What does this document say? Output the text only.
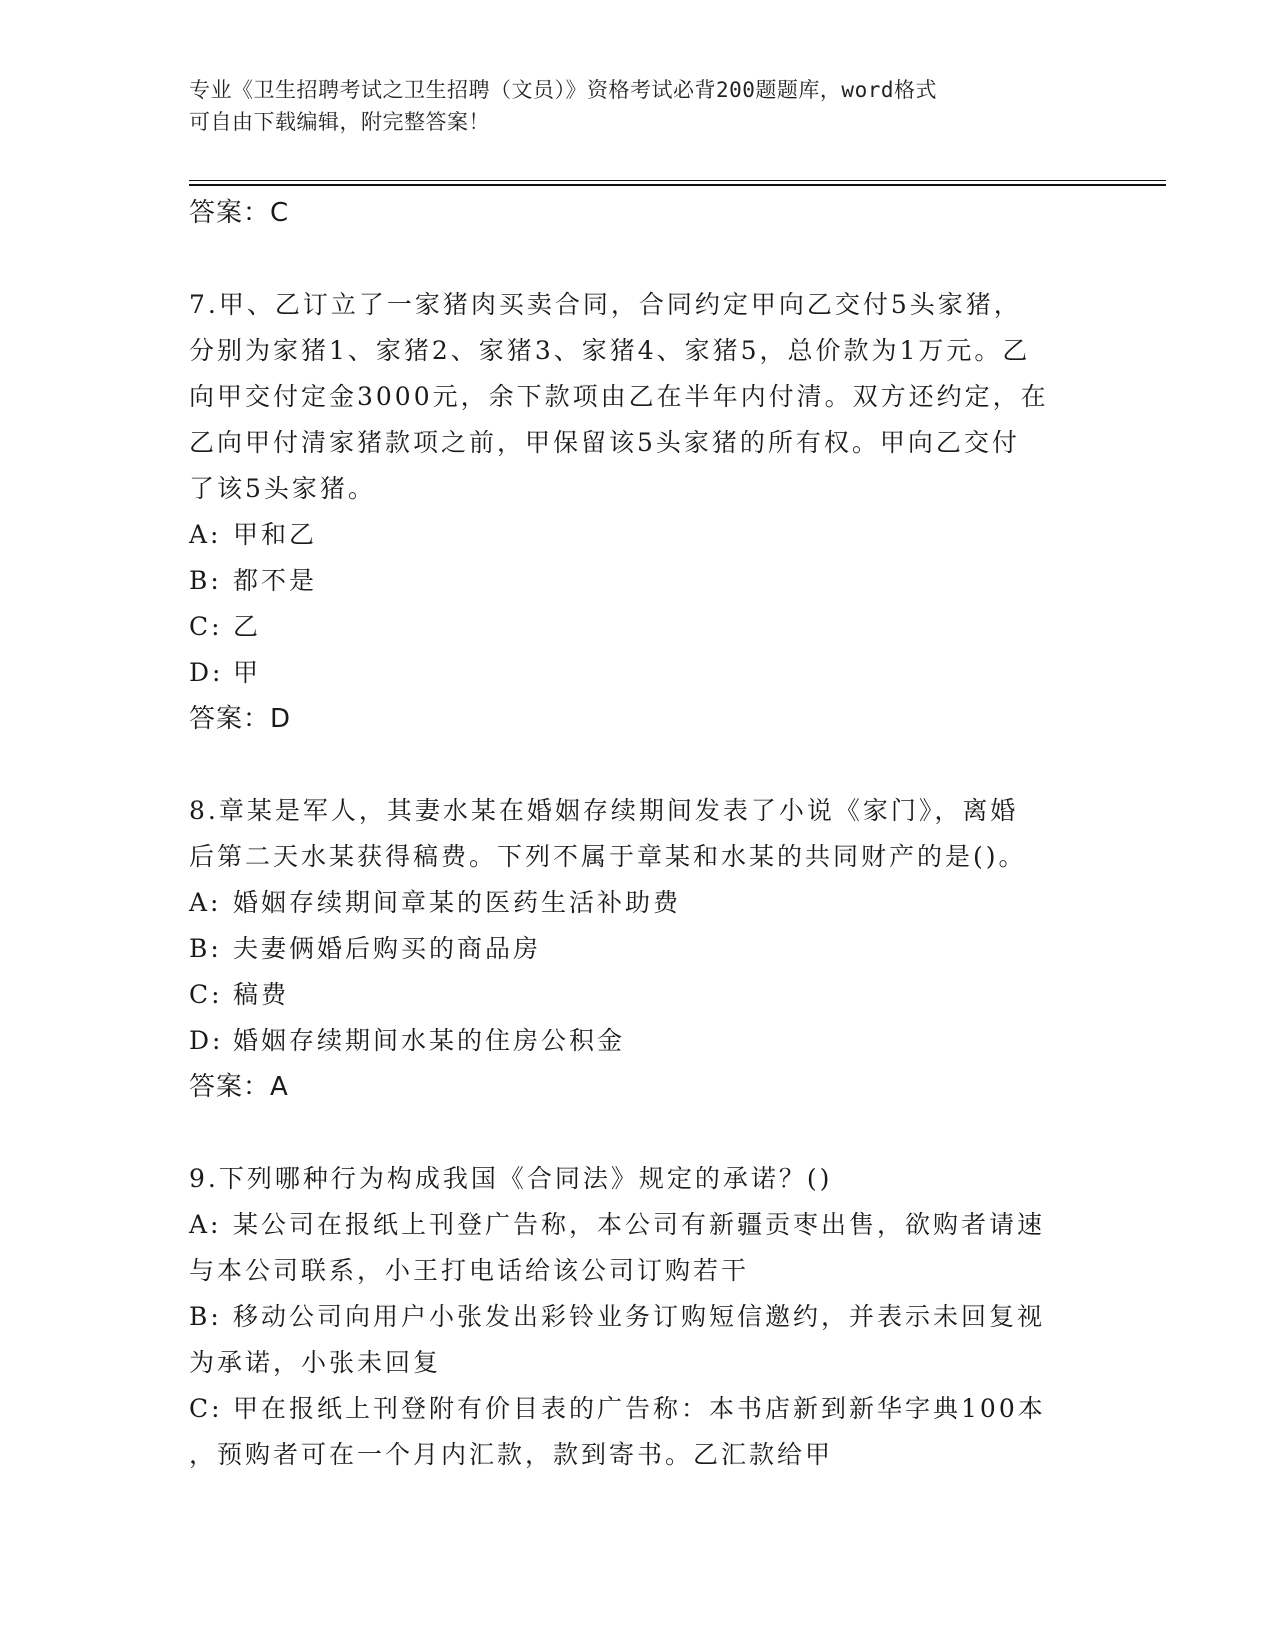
专业《卫生招聘考试之卫生招聘（文员）》资格考试必背200题题库，word格式
可自由下载编辑，附完整答案！
答案：C
7.甲、乙订立了一家猪肉买卖合同，合同约定甲向乙交付5头家猪，
分别为家猪1、家猪2、家猪3、家猪4、家猪5，总价款为1万元。乙
向甲交付定金3000元，余下款项由乙在半年内付清。双方还约定，在
乙向甲付清家猪款项之前，甲保留该5头家猪的所有权。甲向乙交付
了该5头家猪。
A: 甲和乙
B: 都不是
C: 乙
D: 甲
答案：D
8.章某是军人，其妻水某在婚姻存续期间发表了小说《家门》，离婚
后第二天水某获得稿费。下列不属于章某和水某的共同财产的是()。
A: 婚姻存续期间章某的医药生活补助费
B: 夫妻俩婚后购买的商品房
C: 稿费
D: 婚姻存续期间水某的住房公积金
答案：A
9.下列哪种行为构成我国《合同法》规定的承诺？()
A: 某公司在报纸上刊登广告称，本公司有新疆贡枣出售，欲购者请速
与本公司联系，小王打电话给该公司订购若干
B: 移动公司向用户小张发出彩铃业务订购短信邀约，并表示未回复视
为承诺，小张未回复
C: 甲在报纸上刊登附有价目表的广告称：本书店新到新华字典100本
，预购者可在一个月内汇款，款到寄书。乙汇款给甲
